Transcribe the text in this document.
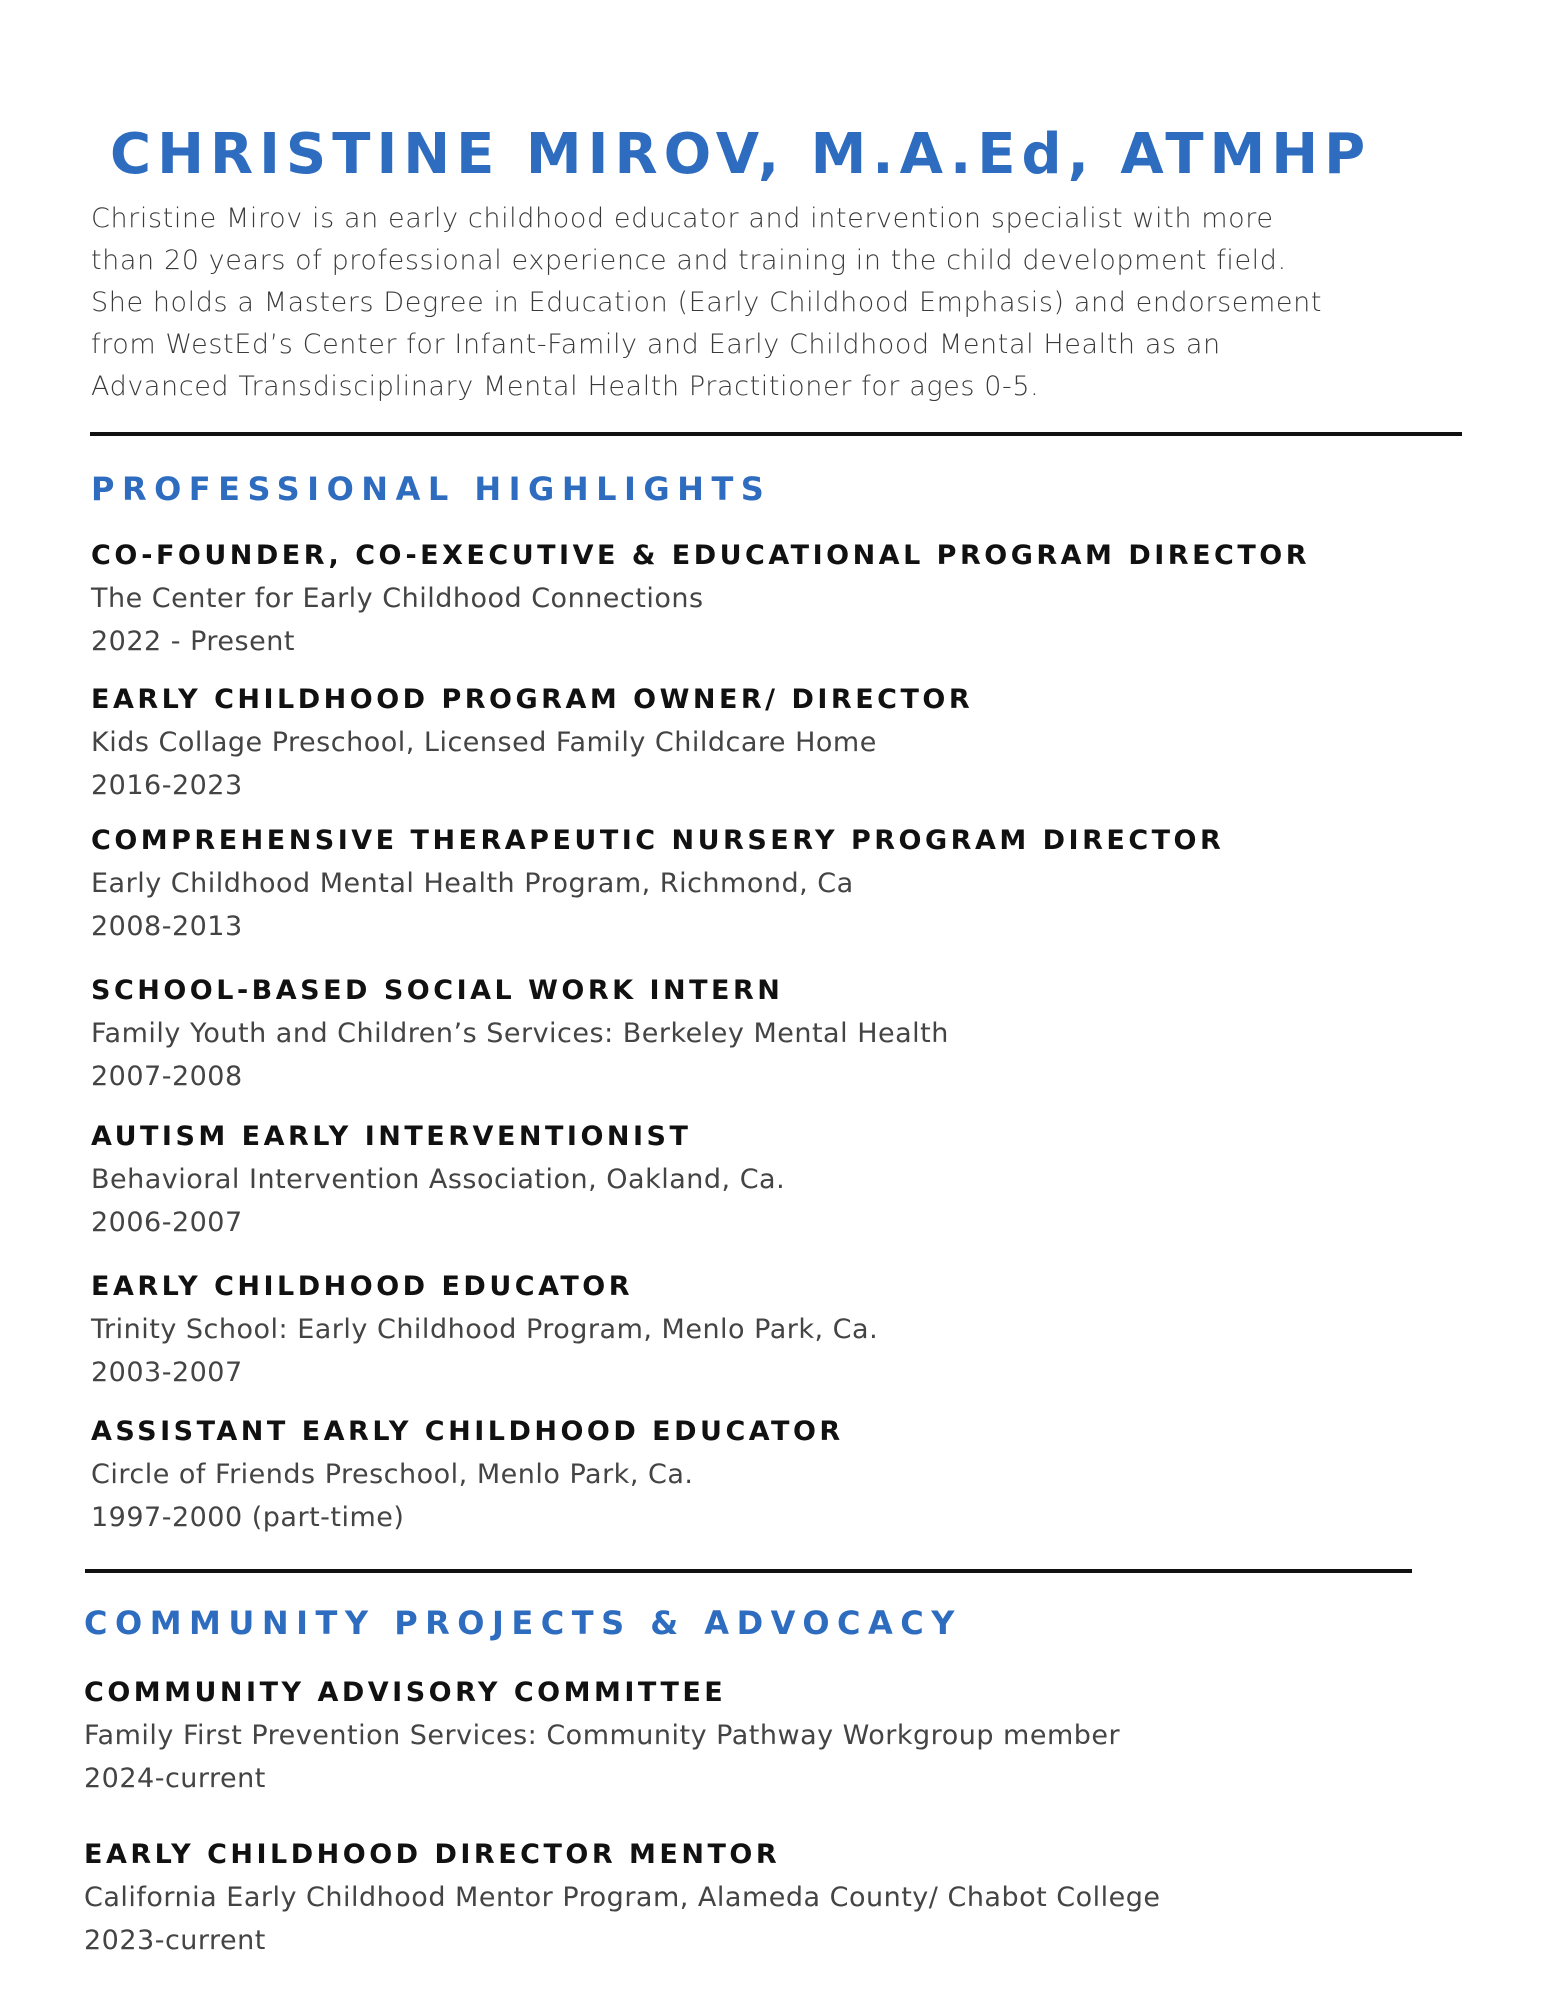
CHRISTINE MIROV, M.A.Ed, ATMHP

Christine Mirov is an early childhood educator and intervention specialist with more
than 20 years of professional experience and training in the child development field.
She holds a Masters Degree in Education (Early Childhood Emphasis) and endorsement
from WestEd’s Center for Infant-Family and Early Childhood Mental Health as an
Advanced Transdisciplinary Mental Health Practitioner for ages 0-5.

PROFESSIONAL HIGHLIGHTS
CO-FOUNDER, CO-EXECUTIVE & EDUCATIONAL PROGRAM DIRECTOR
The Center for Early Childhood Connections
2022 - Present
EARLY CHILDHOOD PROGRAM OWNER/ DIRECTOR
Kids Collage Preschool, Licensed Family Childcare Home
2016-2023
COMPREHENSIVE THERAPEUTIC NURSERY PROGRAM DIRECTOR
Early Childhood Mental Health Program, Richmond, Ca
2008-2013
SCHOOL-BASED SOCIAL WORK INTERN
Family Youth and Children’s Services: Berkeley Mental Health
2007-2008
AUTISM EARLY INTERVENTIONIST
Behavioral Intervention Association, Oakland, Ca.
2006-2007
EARLY CHILDHOOD EDUCATOR
Trinity School: Early Childhood Program, Menlo Park, Ca.
2003-2007
ASSISTANT EARLY CHILDHOOD EDUCATOR
Circle of Friends Preschool, Menlo Park, Ca.
1997-2000 (part-time)
COMMUNITY PROJECTS & ADVOCACY
COMMUNITY ADVISORY COMMITTEE
Family First Prevention Services: Community Pathway Workgroup member
2024-current
EARLY CHILDHOOD DIRECTOR MENTOR
California Early Childhood Mentor Program, Alameda County/ Chabot College
2023-current
